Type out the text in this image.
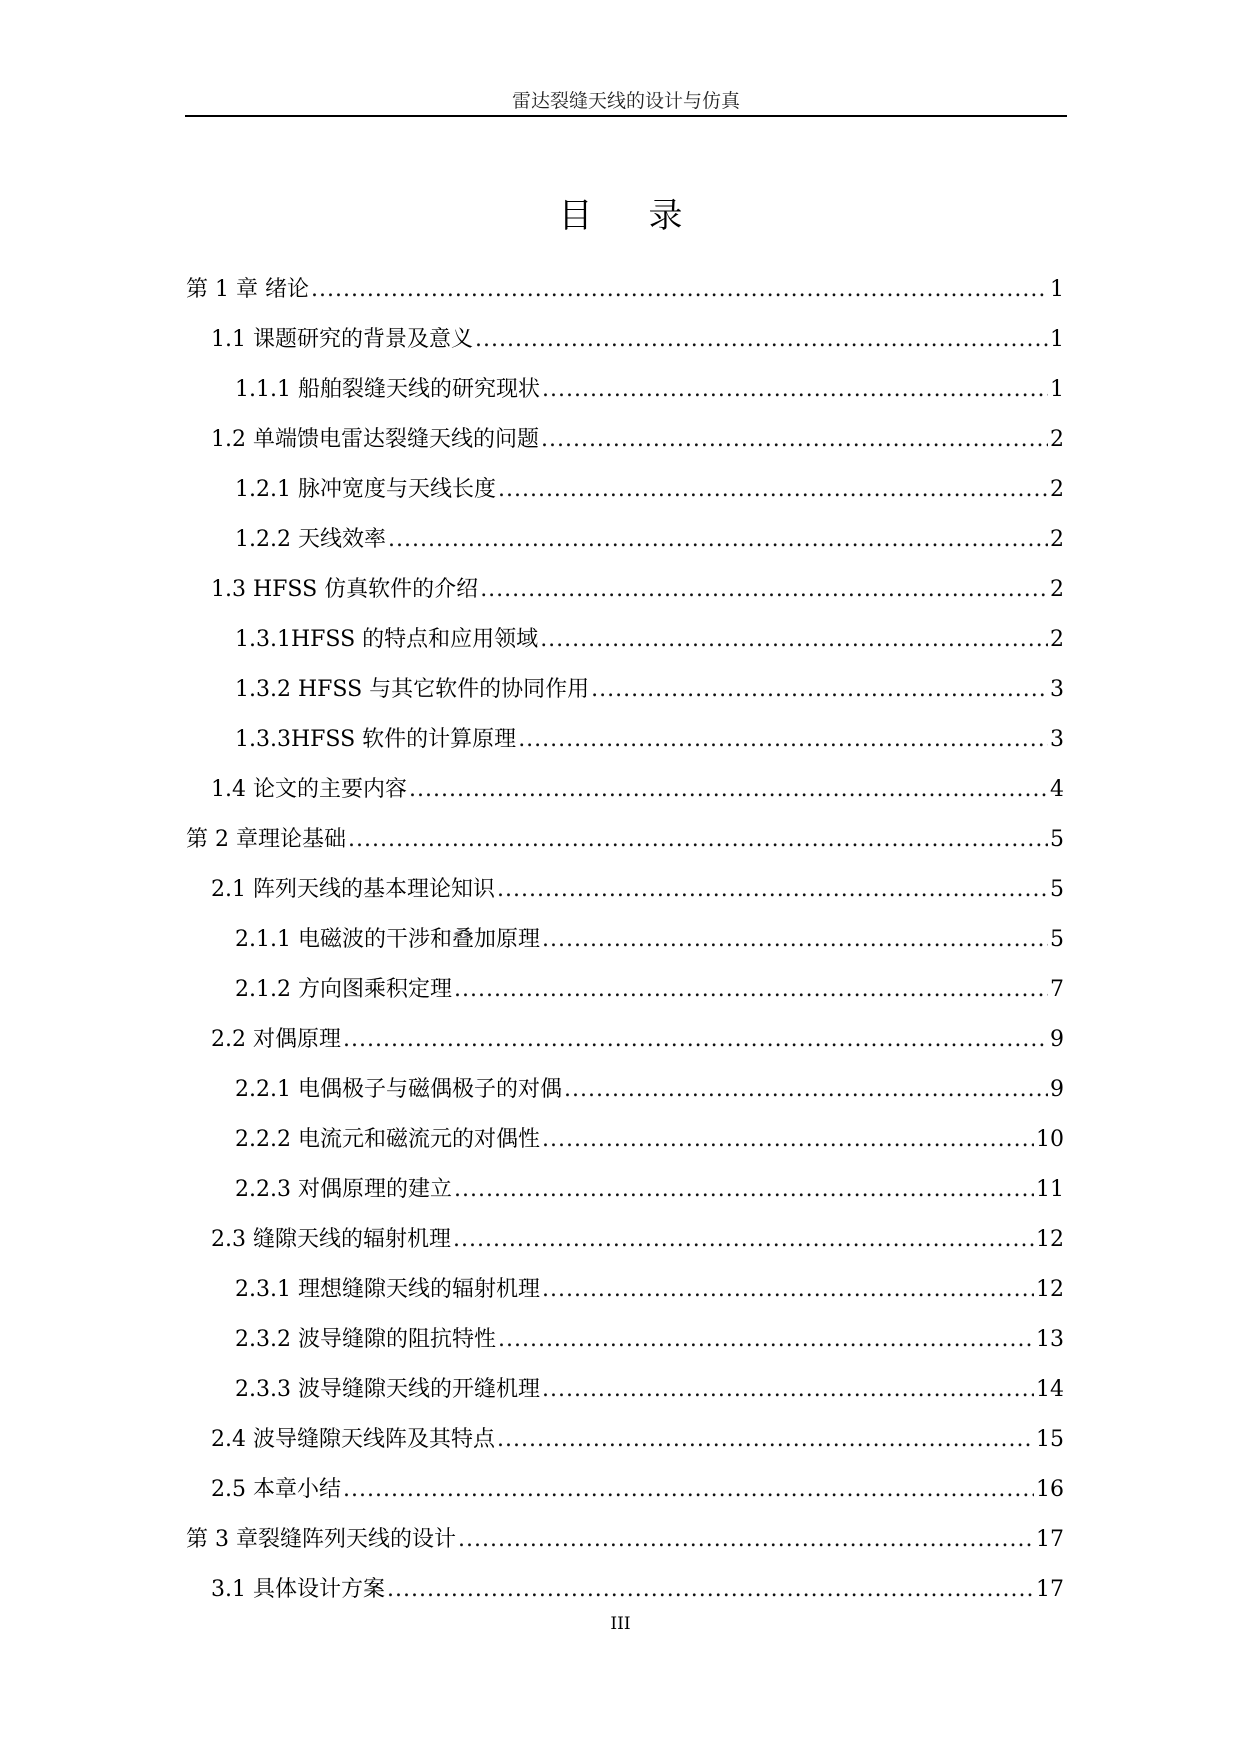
雷达裂缝天线的设计与仿真
目录
第 1 章 绪论 .....	1
1.1 课题研究的背景及意义 .....	1
1.1.1 船舶裂缝天线的研究现状 .....	1
1.2 单端馈电雷达裂缝天线的问题 .....	2
1.2.1 脉冲宽度与天线长度 .....	2
1.2.2 天线效率 .....	2
1.3 HFSS 仿真软件的介绍 .....	2
1.3.1HFSS 的特点和应用领域 .....	2
1.3.2 HFSS 与其它软件的协同作用 .....	3
1.3.3HFSS 软件的计算原理 .....	3
1.4 论文的主要内容 .....	4
第 2 章理论基础 .....	5
2.1 阵列天线的基本理论知识 .....	5
2.1.1 电磁波的干涉和叠加原理 .....	5
2.1.2 方向图乘积定理 .....	7
2.2 对偶原理 .....	9
2.2.1 电偶极子与磁偶极子的对偶 .....	9
2.2.2 电流元和磁流元的对偶性 .....	10
2.2.3 对偶原理的建立 .....	11
2.3 缝隙天线的辐射机理 .....	12
2.3.1 理想缝隙天线的辐射机理 .....	12
2.3.2 波导缝隙的阻抗特性 .....	13
2.3.3 波导缝隙天线的开缝机理 .....	14
2.4 波导缝隙天线阵及其特点 .....	15
2.5 本章小结 .....	16
第 3 章裂缝阵列天线的设计 .....	17
3.1 具体设计方案 .....	17
III
